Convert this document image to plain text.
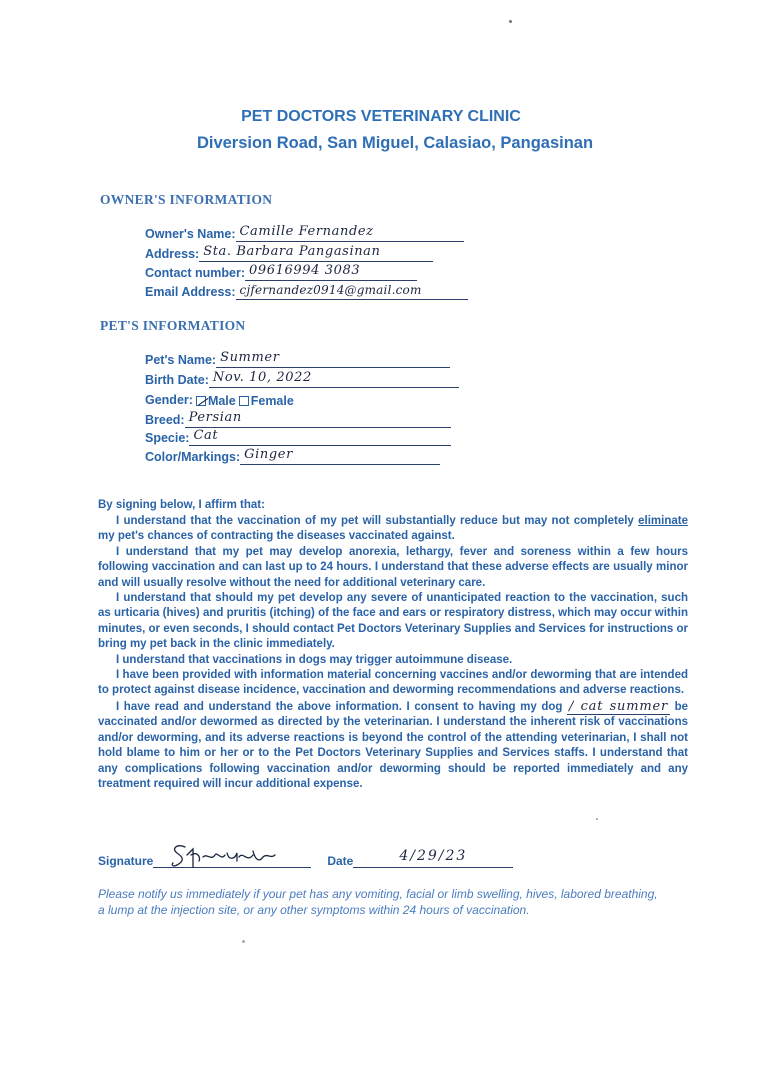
PET DOCTORS VETERINARY CLINIC
Diversion Road, San Miguel, Calasiao, Pangasinan
OWNER'S INFORMATION
Owner's Name: Camille Fernandez
Address: Sta. Barbara Pangasinan
Contact number: 09616994 3083
Email Address: cjfernandez0914@gmail.com
PET'S INFORMATION
Pet's Name: Summer
Birth Date: Nov. 10, 2022
Gender: Male Female
Breed: Persian
Specie: Cat
Color/Markings: Ginger
By signing below, I affirm that:

I understand that the vaccination of my pet will substantially reduce but may not completely eliminate my pet's chances of contracting the diseases vaccinated against.

I understand that my pet may develop anorexia, lethargy, fever and soreness within a few hours following vaccination and can last up to 24 hours. I understand that these adverse effects are usually minor and will usually resolve without the need for additional veterinary care.

I understand that should my pet develop any severe of unanticipated reaction to the vaccination, such as urticaria (hives) and pruritis (itching) of the face and ears or respiratory distress, which may occur within minutes, or even seconds, I should contact Pet Doctors Veterinary Supplies and Services for instructions or bring my pet back in the clinic immediately.

I understand that vaccinations in dogs may trigger autoimmune disease.

I have been provided with information material concerning vaccines and/or deworming that are intended to protect against disease incidence, vaccination and deworming recommendations and adverse reactions.

I have read and understand the above information. I consent to having my dog / cat summer be vaccinated and/or dewormed as directed by the veterinarian. I understand the inherent risk of vaccinations and/or deworming, and its adverse reactions is beyond the control of the attending veterinarian, I shall not hold blame to him or her or to the Pet Doctors Veterinary Supplies and Services staffs. I understand that any complications following vaccination and/or deworming should be reported immediately and any treatment required will incur additional expense.

Signature	Date	4/29/23
Please notify us immediately if your pet has any vomiting, facial or limb swelling, hives, labored breathing, a lump at the injection site, or any other symptoms within 24 hours of vaccination.
